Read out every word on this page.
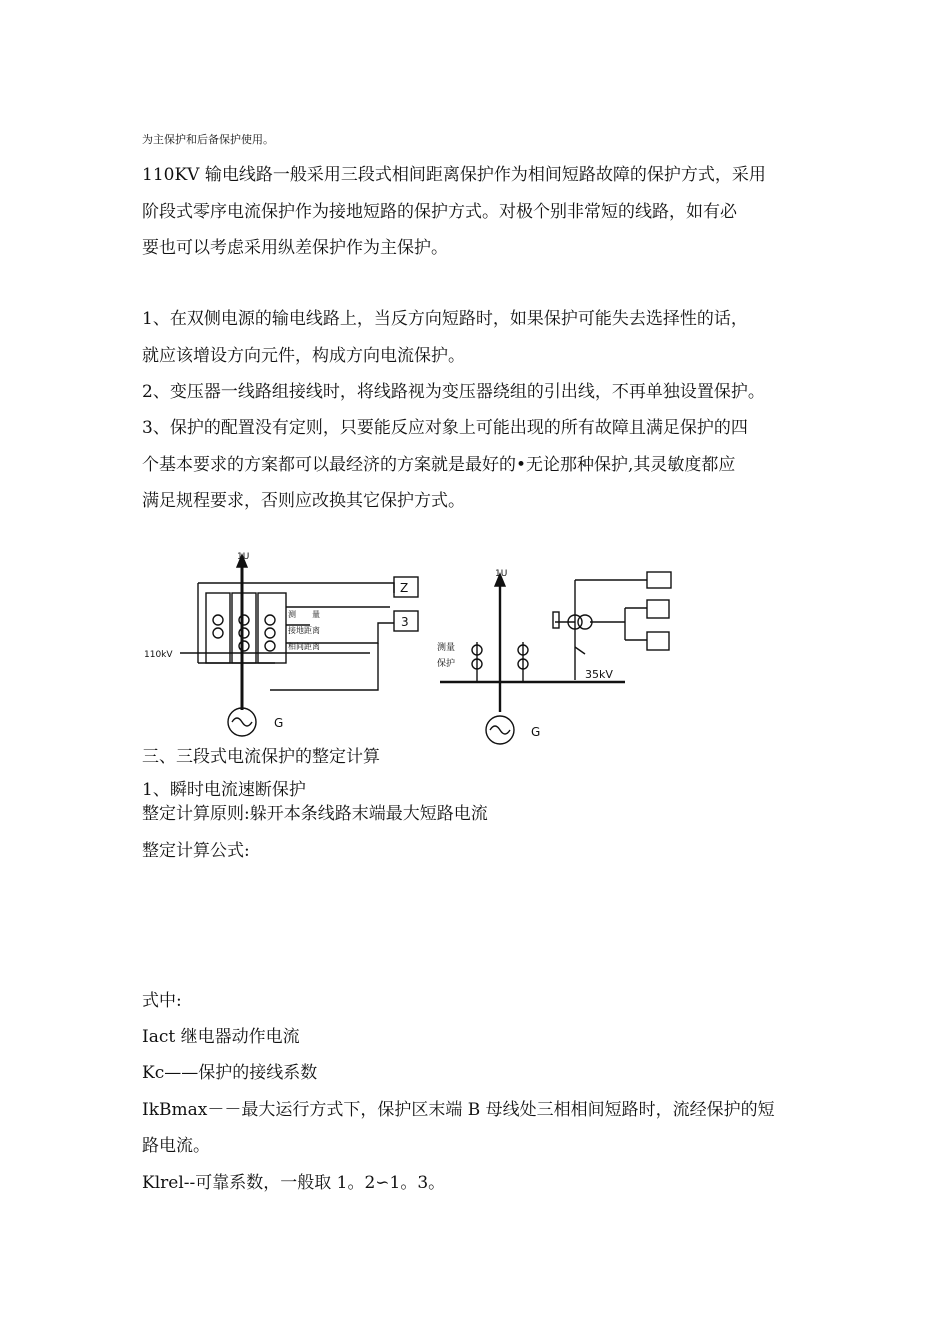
为主保护和后备保护使用。
110KV 输电线路一般采用三段式相间距离保护作为相间短路故障的保护方式，采用
阶段式零序电流保护作为接地短路的保护方式。对极个别非常短的线路，如有必
要也可以考虑采用纵差保护作为主保护。
1、在双侧电源的输电线路上，当反方向短路时，如果保护可能失去选择性的话，
就应该增设方向元件，构成方向电流保护。
2、变压器一线路组接线时，将线路视为变压器绕组的引出线，不再单独设置保护。
3、保护的配置没有定则，只要能反应对象上可能出现的所有故障且满足保护的四
个基本要求的方案都可以最经济的方案就是最好的•无论那种保护,其灵敏度都应
满足规程要求，否则应改换其它保护方式。
1U
测　　量
接地距离
相间距离
110kV
Z
3
G
1U
测量
保护
35kV
G
三、三段式电流保护的整定计算
1、瞬时电流速断保护
整定计算原则:躲开本条线路末端最大短路电流
整定计算公式:
式中:
Iact 继电器动作电流
Kc——保护的接线系数
IkBmax－－最大运行方式下，保护区末端 B 母线处三相相间短路时，流经保护的短
路电流。
Klrel--可靠系数，一般取 1。2∽1。3。
